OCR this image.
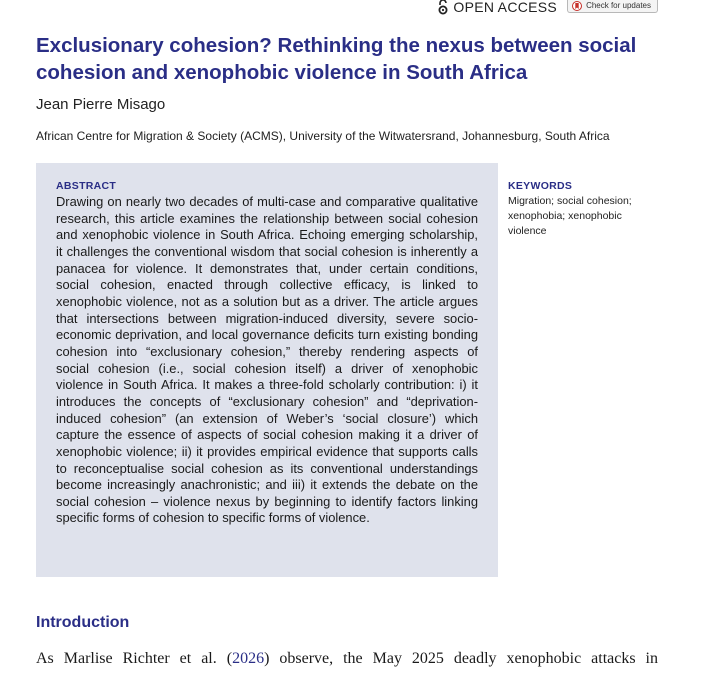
OPEN ACCESS	Check for updates
Exclusionary cohesion? Rethinking the nexus between social cohesion and xenophobic violence in South Africa
Jean Pierre Misago
African Centre for Migration & Society (ACMS), University of the Witwatersrand, Johannesburg, South Africa
ABSTRACT

Drawing on nearly two decades of multi-case and comparative qualitative research, this article examines the relationship between social cohesion and xenophobic violence in South Africa. Echoing emerging scholarship, it challenges the conventional wisdom that social cohesion is inherently a panacea for violence. It demonstrates that, under certain conditions, social cohesion, enacted through collective efficacy, is linked to xenophobic violence, not as a solution but as a driver. The article argues that intersections between migration-induced diversity, severe socio-economic deprivation, and local governance deficits turn existing bonding cohesion into “exclusionary cohesion,” thereby rendering aspects of social cohesion (i.e., social cohesion itself) a driver of xenophobic violence in South Africa. It makes a three-fold scholarly contribution: i) it introduces the concepts of “exclusionary cohesion” and “deprivation-induced cohesion” (an extension of Weber’s ‘social closure’) which capture the essence of aspects of social cohesion making it a driver of xenophobic violence; ii) it provides empirical evidence that supports calls to reconceptualise social cohesion as its conventional understandings become increasingly anachronistic; and iii) it extends the debate on the social cohesion – violence nexus by beginning to identify factors linking specific forms of cohesion to specific forms of violence.

KEYWORDS

Migration; social cohesion; xenophobia; xenophobic violence

Introduction

As Marlise Richter et al. (2026) observe, the May 2025 deadly xenophobic attacks in
